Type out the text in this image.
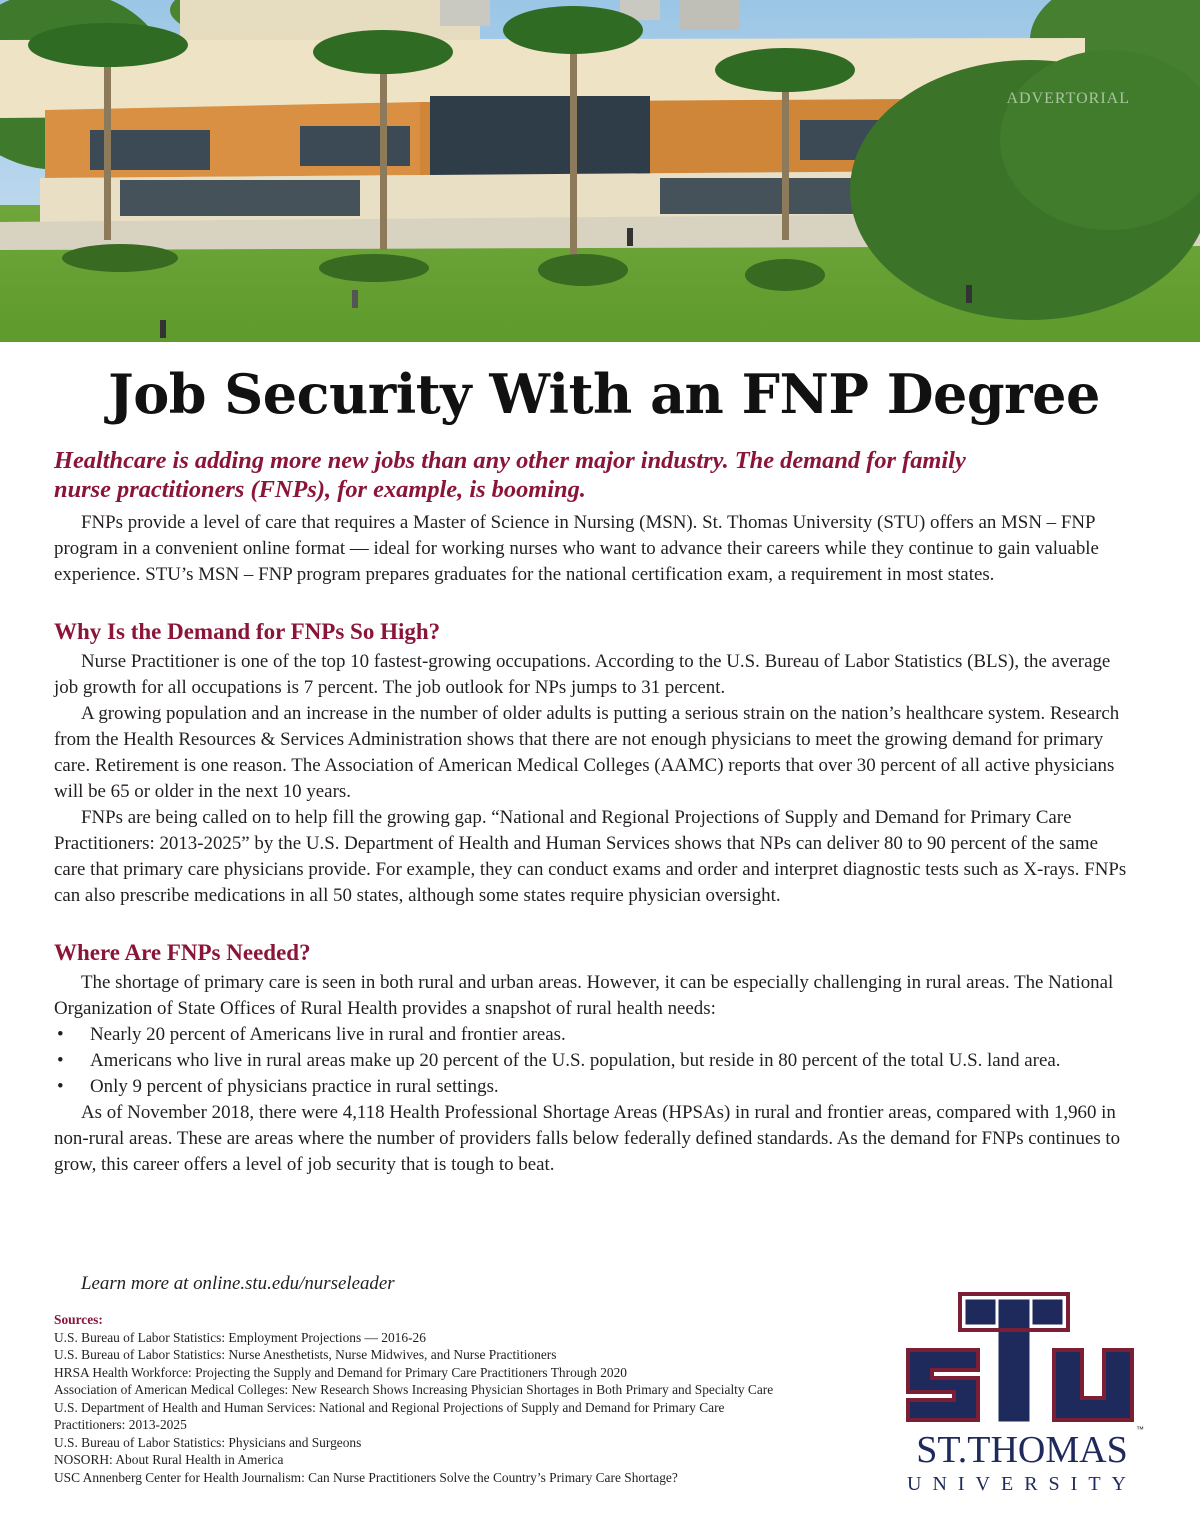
ADVERTORIAL
Job Security With an FNP Degree
Healthcare is adding more new jobs than any other major industry. The demand for family
nurse practitioners (FNPs), for example, is booming.

FNPs provide a level of care that requires a Master of Science in Nursing (MSN). St. Thomas University (STU) offers an MSN – FNP program in a convenient online format — ideal for working nurses who want to advance their careers while they continue to gain valuable experience. STU’s MSN – FNP program prepares graduates for the national certification exam, a requirement in most states.

Why Is the Demand for FNPs So High?

Nurse Practitioner is one of the top 10 fastest-growing occupations. According to the U.S. Bureau of Labor Statistics (BLS), the average job growth for all occupations is 7 percent. The job outlook for NPs jumps to 31 percent.

A growing population and an increase in the number of older adults is putting a serious strain on the nation’s healthcare system. Research from the Health Resources & Services Administration shows that there are not enough physicians to meet the growing demand for primary care. Retirement is one reason. The Association of American Medical Colleges (AAMC) reports that over 30 percent of all active physicians will be 65 or older in the next 10 years.

FNPs are being called on to help fill the growing gap. “National and Regional Projections of Supply and Demand for Primary Care Practitioners: 2013-2025” by the U.S. Department of Health and Human Services shows that NPs can deliver 80 to 90 percent of the same care that primary care physicians provide. For example, they can conduct exams and order and interpret diagnostic tests such as X-rays. FNPs can also prescribe medications in all 50 states, although some states require physician oversight.

Where Are FNPs Needed?

The shortage of primary care is seen in both rural and urban areas. However, it can be especially challenging in rural areas. The National Organization of State Offices of Rural Health provides a snapshot of rural health needs:

• Nearly 20 percent of Americans live in rural and frontier areas.
• Americans who live in rural areas make up 20 percent of the U.S. population, but reside in 80 percent of the total U.S. land area.
• Only 9 percent of physicians practice in rural settings.

As of November 2018, there were 4,118 Health Professional Shortage Areas (HPSAs) in rural and frontier areas, compared with 1,960 in non-rural areas. These are areas where the number of providers falls below federally defined standards. As the demand for FNPs continues to grow, this career offers a level of job security that is tough to beat.

Learn more at online.stu.edu/nurseleader
Sources:
U.S. Bureau of Labor Statistics: Employment Projections — 2016-26
U.S. Bureau of Labor Statistics: Nurse Anesthetists, Nurse Midwives, and Nurse Practitioners
HRSA Health Workforce: Projecting the Supply and Demand for Primary Care Practitioners Through 2020
Association of American Medical Colleges: New Research Shows Increasing Physician Shortages in Both Primary and Specialty Care
U.S. Department of Health and Human Services: National and Regional Projections of Supply and Demand for Primary Care
Practitioners: 2013-2025
U.S. Bureau of Labor Statistics: Physicians and Surgeons
NOSORH: About Rural Health in America
USC Annenberg Center for Health Journalism: Can Nurse Practitioners Solve the Country’s Primary Care Shortage?
™
ST.THOMAS
UNIVERSITY
